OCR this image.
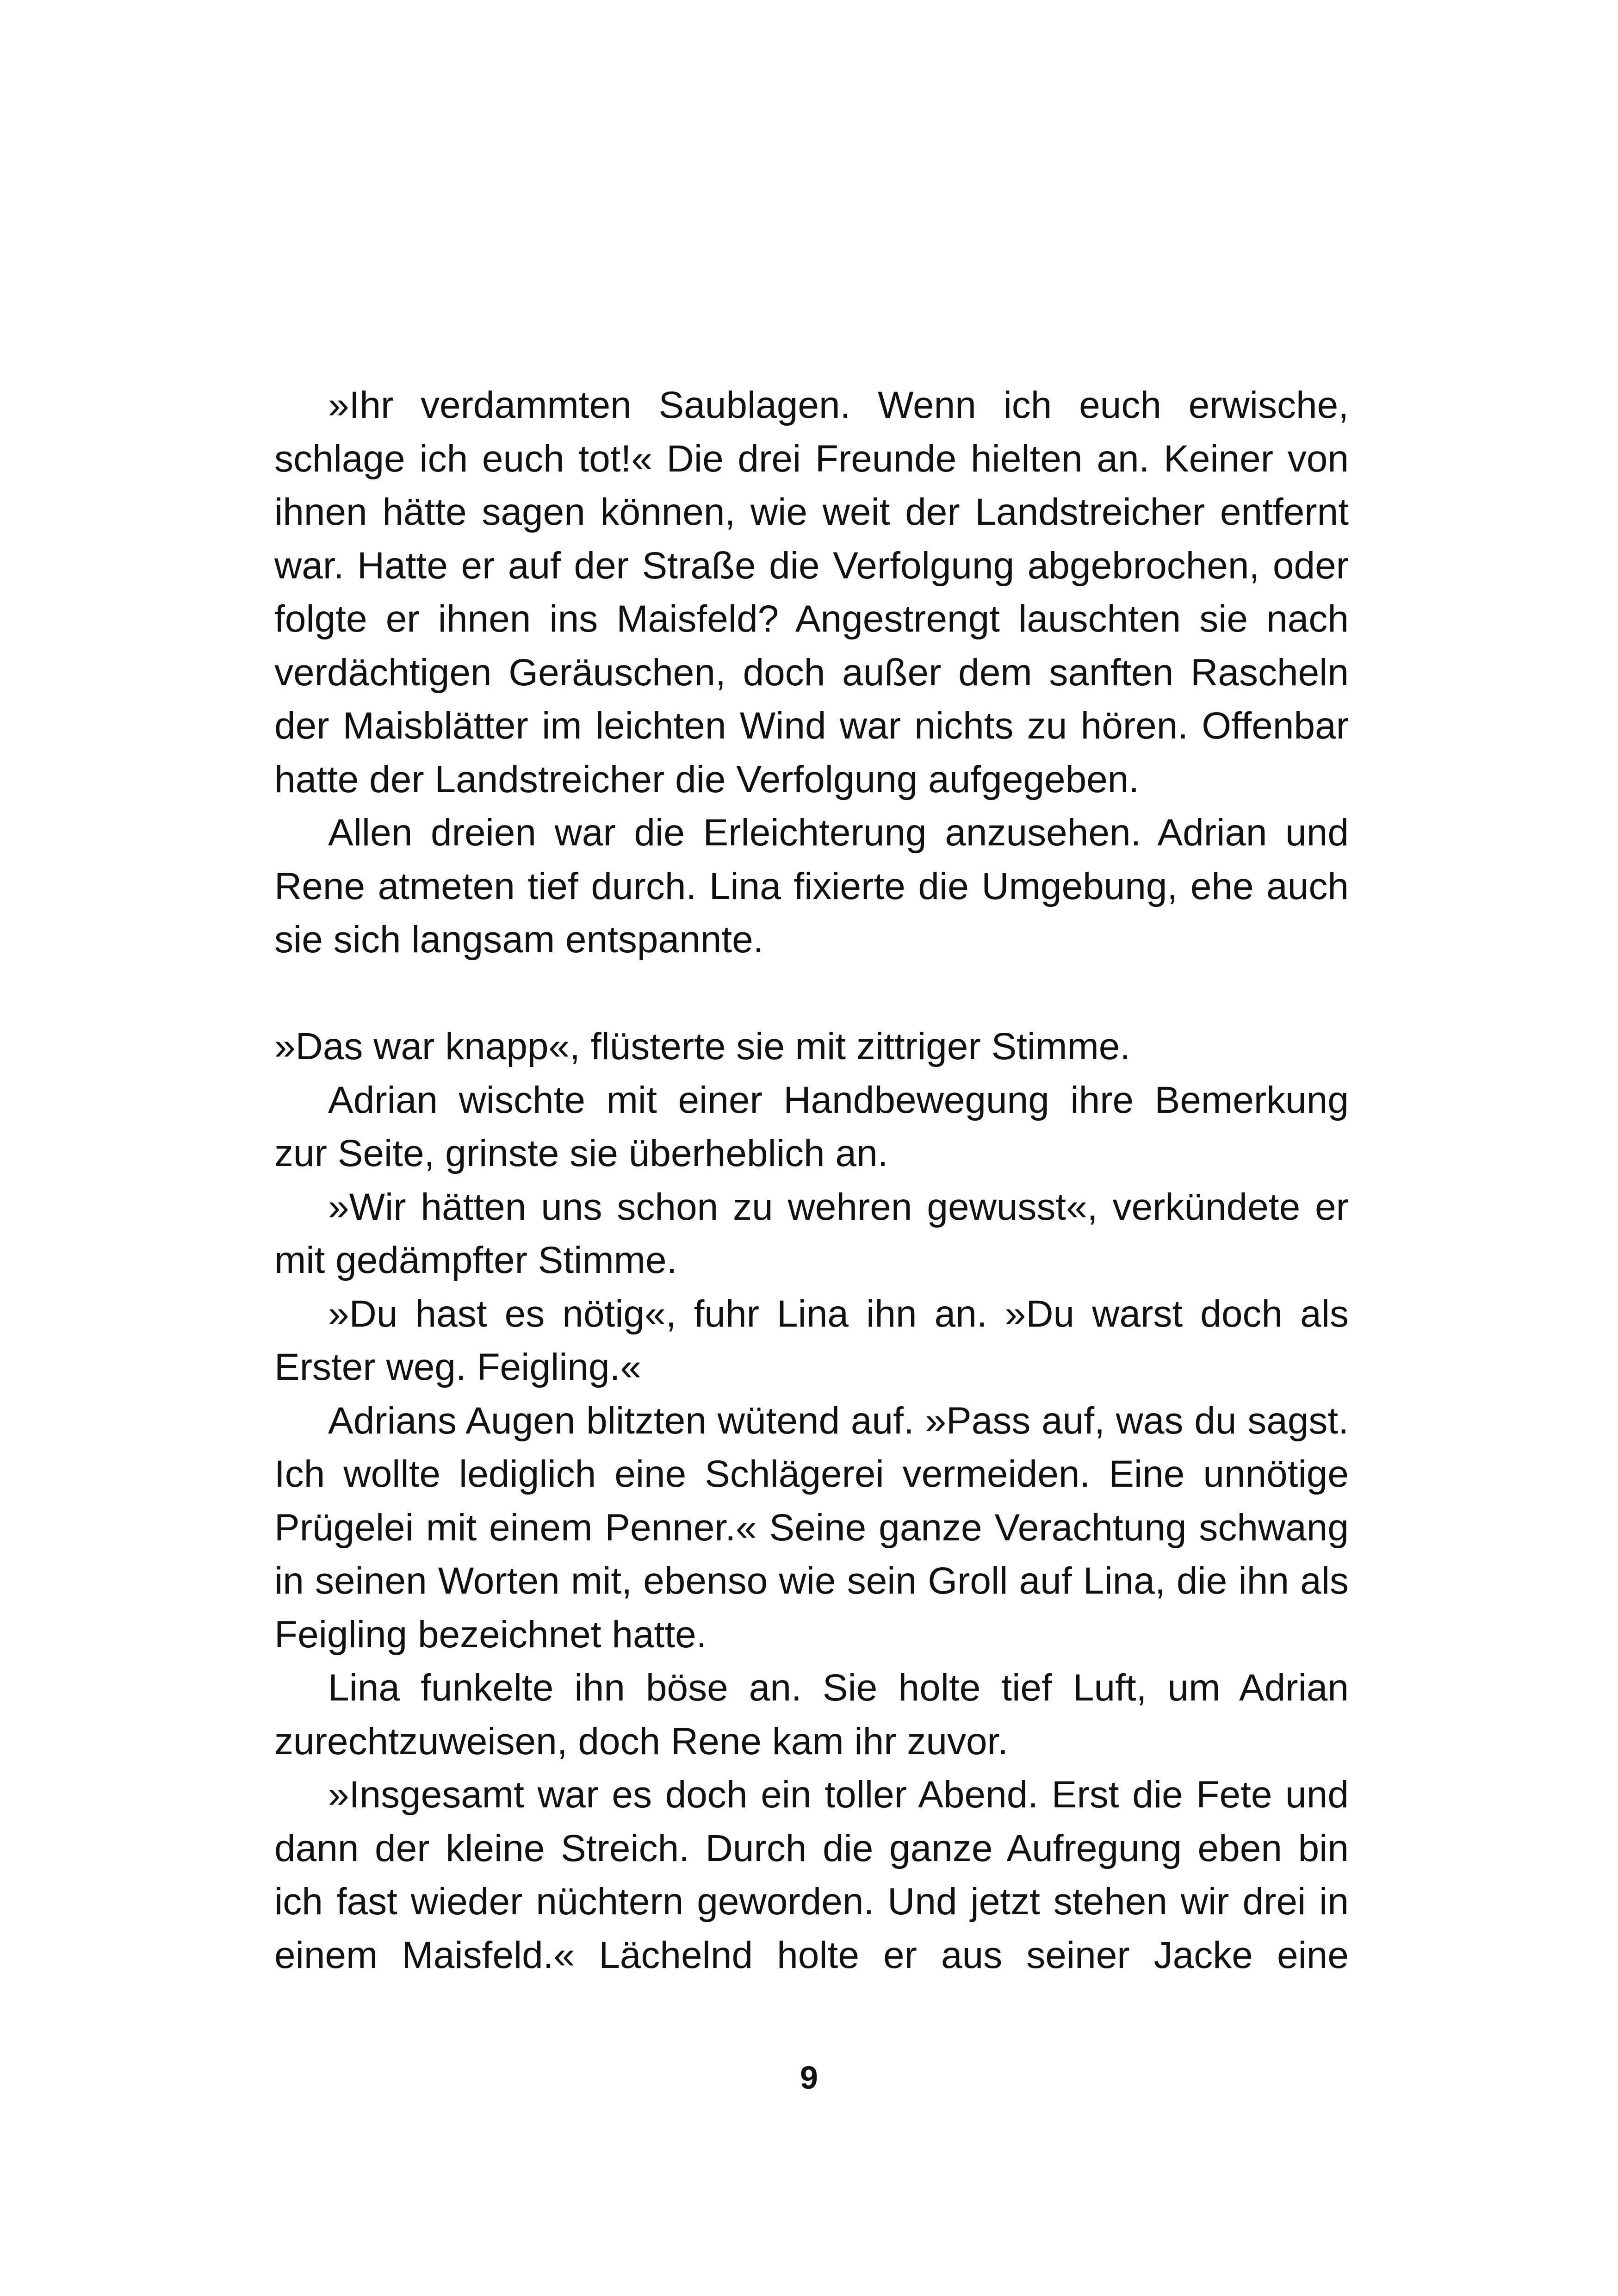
»Ihr verdammten Saublagen. Wenn ich euch erwische, schlage ich euch tot!« Die drei Freunde hielten an. Keiner von ihnen hätte sagen können, wie weit der Landstreicher entfernt war. Hatte er auf der Straße die Verfolgung abgebrochen, oder folgte er ihnen ins Maisfeld? Angestrengt lauschten sie nach verdächtigen Geräuschen, doch außer dem sanften Rascheln der Maisblätter im leichten Wind war nichts zu hören. Offenbar hatte der Landstreicher die Verfolgung aufgegeben.

Allen dreien war die Erleichterung anzusehen. Adrian und Rene atmeten tief durch. Lina fixierte die Umgebung, ehe auch sie sich langsam entspannte.

»Das war knapp«, flüsterte sie mit zittriger Stimme.

Adrian wischte mit einer Handbewegung ihre Bemerkung zur Seite, grinste sie überheblich an.

»Wir hätten uns schon zu wehren gewusst«, verkündete er mit gedämpfter Stimme.

»Du hast es nötig«, fuhr Lina ihn an. »Du warst doch als Erster weg. Feigling.«

Adrians Augen blitzten wütend auf. »Pass auf, was du sagst. Ich wollte lediglich eine Schlägerei vermeiden. Eine unnötige Prügelei mit einem Penner.« Seine ganze Verachtung schwang in seinen Worten mit, ebenso wie sein Groll auf Lina, die ihn als Feigling bezeichnet hatte.

Lina funkelte ihn böse an. Sie holte tief Luft, um Adrian zurechtzuweisen, doch Rene kam ihr zuvor.

»Insgesamt war es doch ein toller Abend. Erst die Fete und dann der kleine Streich. Durch die ganze Aufregung eben bin ich fast wieder nüchtern geworden. Und jetzt stehen wir drei in einem Maisfeld.« Lächelnd holte er aus seiner Jacke eine

9
